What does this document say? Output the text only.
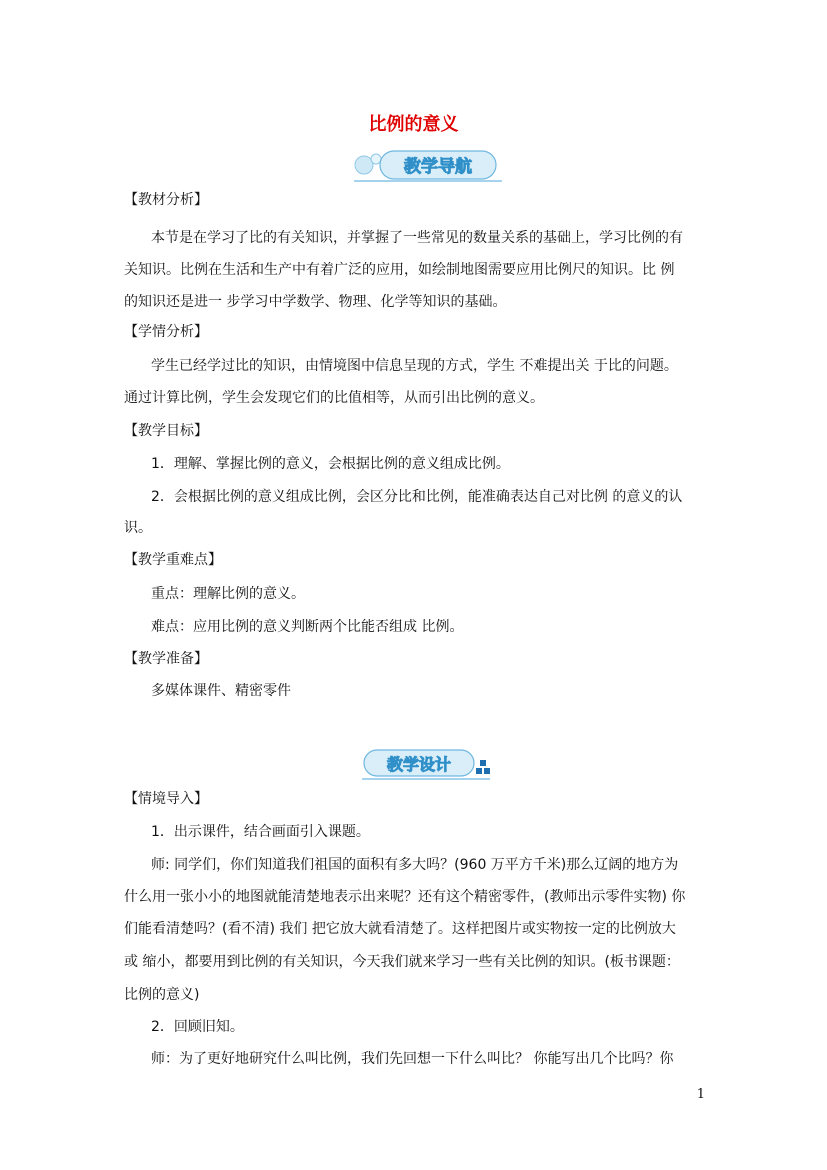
比例的意义
教学导航
教学设计
【教材分析】
本节是在学习了比的有关知识，并掌握了一些常见的数量关系的基础上，学习比例的有
关知识。比例在生活和生产中有着广泛的应用，如绘制地图需要应用比例尺的知识。比 例
的知识还是进一 步学习中学数学、物理、化学等知识的基础。
【学情分析】
学生已经学过比的知识，由情境图中信息呈现的方式，学生 不难提出关 于比的问题。
通过计算比例，学生会发现它们的比值相等，从而引出比例的意义。
【教学目标】
1．理解、掌握比例的意义，会根据比例的意义组成比例。
2．会根据比例的意义组成比例，会区分比和比例，能准确表达自己对比例 的意义的认
识。
【教学重难点】
重点：理解比例的意义。
难点：应用比例的意义判断两个比能否组成 比例。
【教学准备】
多媒体课件、精密零件
【情境导入】
1．出示课件，结合画面引入课题。
师: 同学们，你们知道我们祖国的面积有多大吗？(960 万平方千米)那么辽阔的地方为
什么用一张小小的地图就能清楚地表示出来呢？还有这个精密零件，(教师出示零件实物) 你
们能看清楚吗？(看不清) 我们 把它放大就看清楚了。这样把图片或实物按一定的比例放大
或 缩小，都要用到比例的有关知识，今天我们就来学习一些有关比例的知识。(板书课题：
比例的意义)
2．回顾旧知。
师：为了更好地研究什么叫比例，我们先回想一下什么叫比？ 你能写出几个比吗？你
1
